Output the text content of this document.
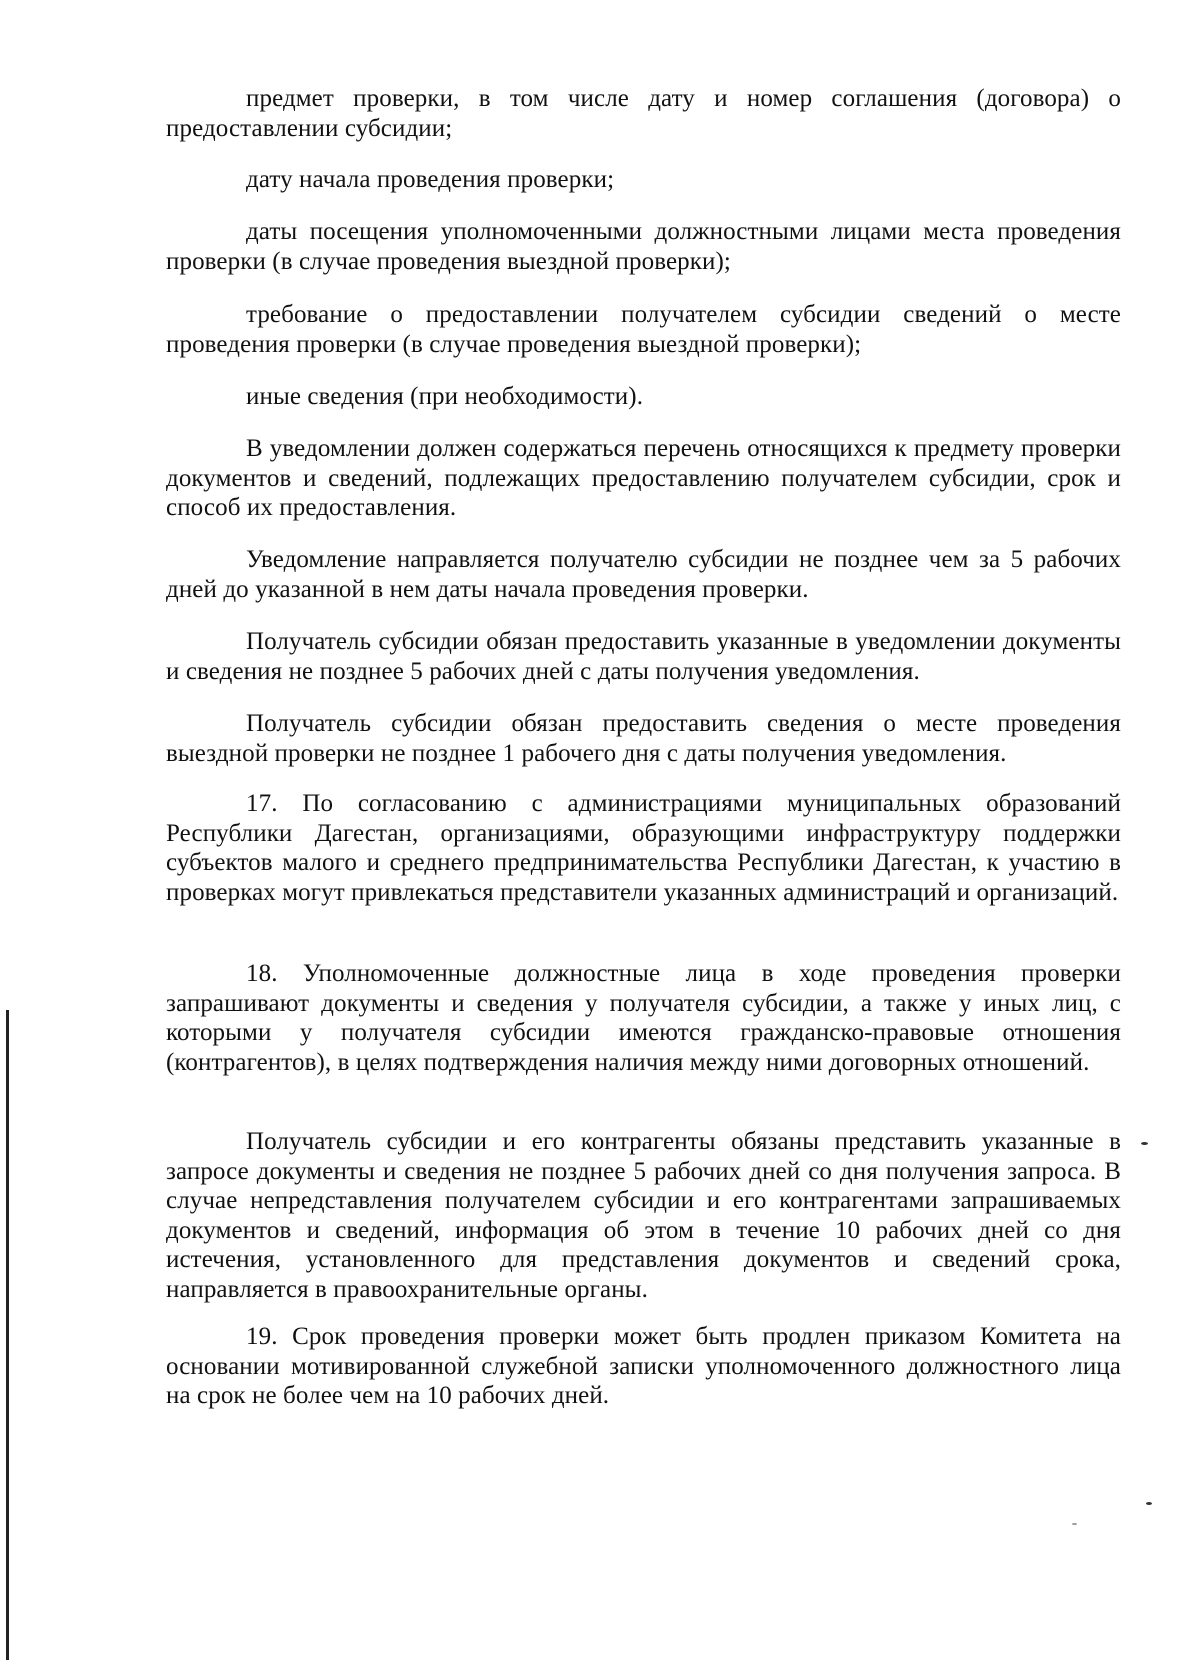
предмет проверки, в том числе дату и номер соглашения (договора) о предоставлении субсидии;

дату начала проведения проверки;

даты посещения уполномоченными должностными лицами места проведения проверки (в случае проведения выездной проверки);

требование о предоставлении получателем субсидии сведений о месте проведения проверки (в случае проведения выездной проверки);

иные сведения (при необходимости).

В уведомлении должен содержаться перечень относящихся к предмету проверки документов и сведений, подлежащих предоставлению получателем субсидии, срок и способ их предоставления.

Уведомление направляется получателю субсидии не позднее чем за 5 рабочих дней до указанной в нем даты начала проведения проверки.

Получатель субсидии обязан предоставить указанные в уведомлении документы и сведения не позднее 5 рабочих дней с даты получения уведомления.

Получатель субсидии обязан предоставить сведения о месте проведения выездной проверки не позднее 1 рабочего дня с даты получения уведомления.

17. По согласованию с администрациями муниципальных образований Республики Дагестан, организациями, образующими инфраструктуру поддержки субъектов малого и среднего предпринимательства Республики Дагестан, к участию в проверках могут привлекаться представители указанных администраций и организаций.

18. Уполномоченные должностные лица в ходе проведения проверки запрашивают документы и сведения у получателя субсидии, а также у иных лиц, с которыми у получателя субсидии имеются гражданско-правовые отношения (контрагентов), в целях подтверждения наличия между ними договорных отношений.

Получатель субсидии и его контрагенты обязаны представить указанные в запросе документы и сведения не позднее 5 рабочих дней со дня получения запроса. В случае непредставления получателем субсидии и его контрагентами запрашиваемых документов и сведений, информация об этом в течение 10 рабочих дней со дня истечения, установленного для представления документов и сведений срока, направляется в правоохранительные органы.

19. Срок проведения проверки может быть продлен приказом Комитета на основании мотивированной служебной записки уполномоченного должностного лица на срок не более чем на 10 рабочих дней.
